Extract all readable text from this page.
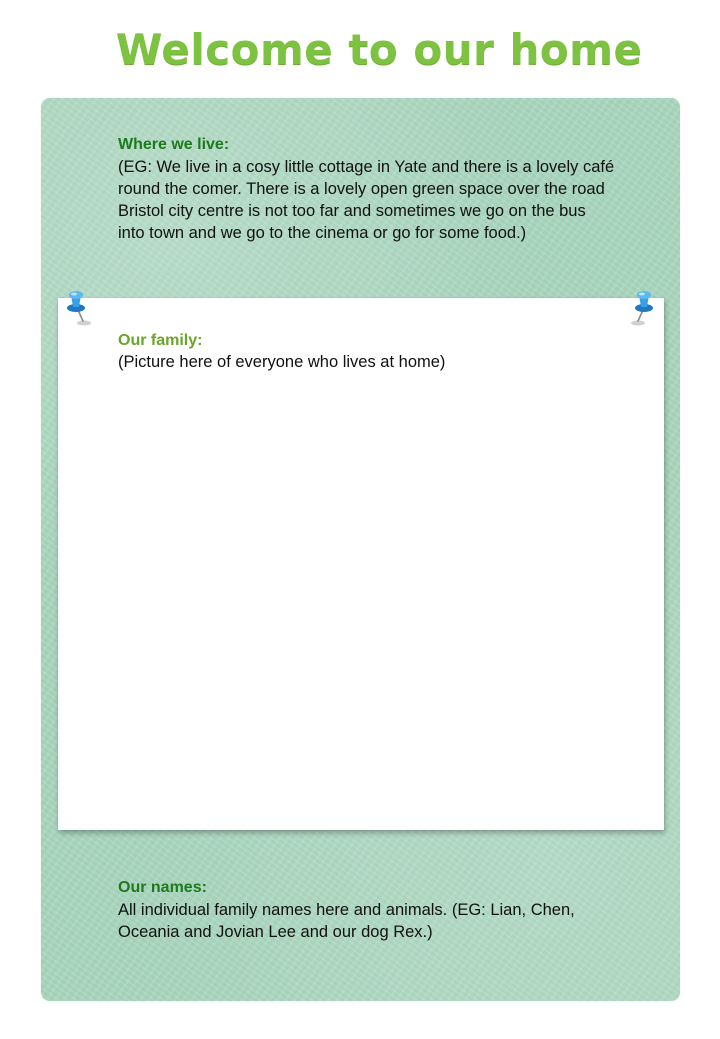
Welcome to our home
Where we live:
(EG: We live in a cosy little cottage in Yate and there is a lovely café
round the comer. There is a lovely open green space over the road
Bristol city centre is not too far and sometimes we go on the bus
into town and we go to the cinema or go for some food.)
Our family:
(Picture here of everyone who lives at home)
Our names:
All individual family names here and animals. (EG: Lian, Chen,
Oceania and Jovian Lee and our dog Rex.)
